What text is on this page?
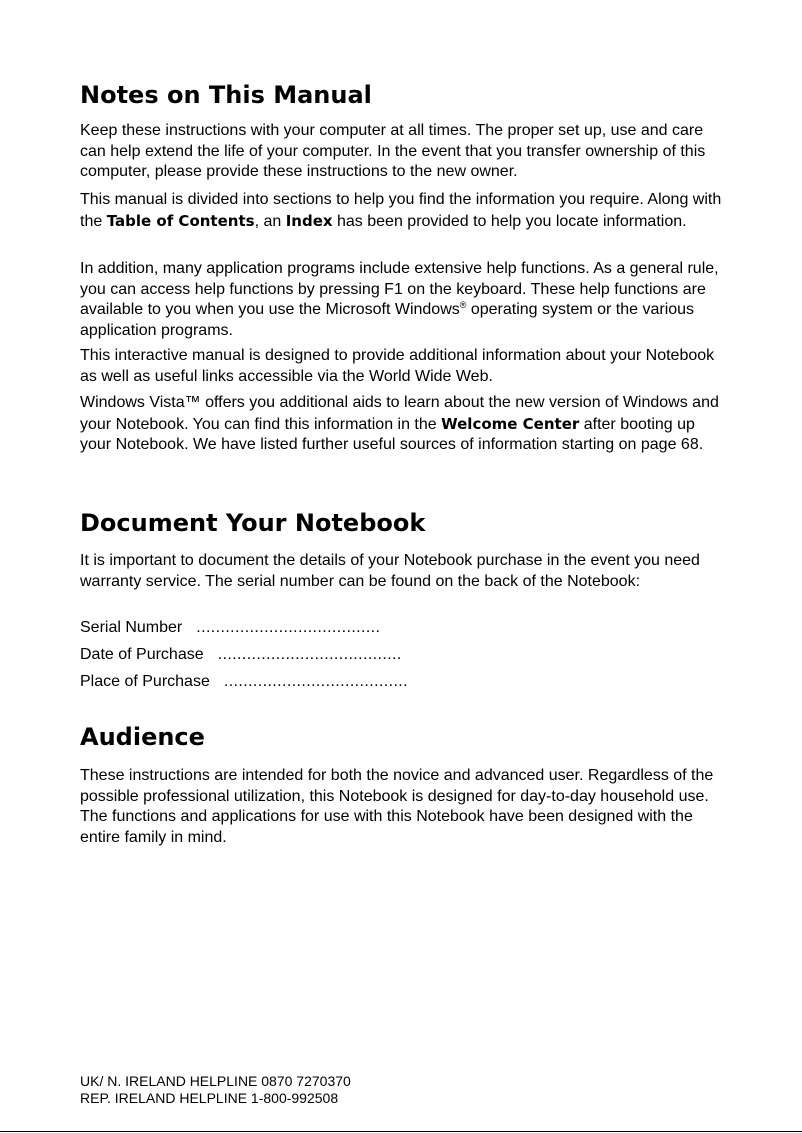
Notes on This Manual

Keep these instructions with your computer at all times. The proper set up, use and care can help extend the life of your computer. In the event that you transfer ownership of this computer, please provide these instructions to the new owner.

This manual is divided into sections to help you find the information you require. Along with the Table of Contents, an Index has been provided to help you locate information.

In addition, many application programs include extensive help functions. As a general rule, you can access help functions by pressing F1 on the keyboard. These help functions are available to you when you use the Microsoft Windows® operating system or the various application programs.

This interactive manual is designed to provide additional information about your Notebook as well as useful links accessible via the World Wide Web.

Windows Vista™ offers you additional aids to learn about the new version of Windows and your Notebook. You can find this information in the Welcome Center after booting up your Notebook. We have listed further useful sources of information starting on page 68.

Document Your Notebook

It is important to document the details of your Notebook purchase in the event you need warranty service. The serial number can be found on the back of the Notebook:

Serial Number ......................................
Date of Purchase ......................................
Place of Purchase ......................................
Audience

These instructions are intended for both the novice and advanced user. Regardless of the possible professional utilization, this Notebook is designed for day-to-day household use. The functions and applications for use with this Notebook have been designed with the entire family in mind.

UK/ N. IRELAND HELPLINE 0870 7270370
REP. IRELAND HELPLINE 1-800-992508
